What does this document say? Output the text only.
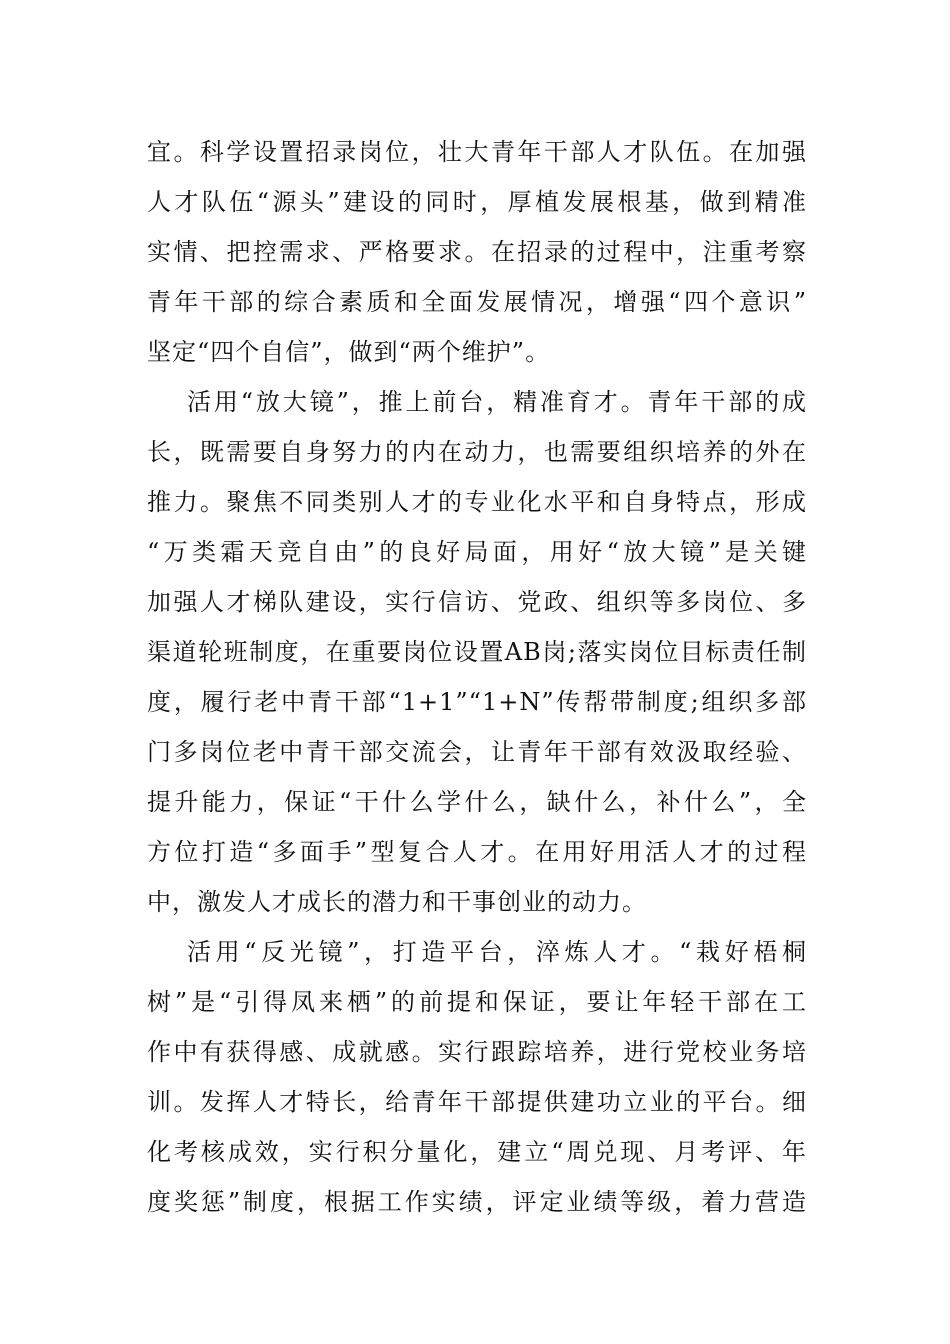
宜。科学设置招录岗位，壮大青年干部人才队伍。在加强
人才队伍“源头”建设的同时，厚植发展根基，做到精准
实情、把控需求、严格要求。在招录的过程中，注重考察
青年干部的综合素质和全面发展情况，增强“四个意识”
坚定“四个自信”，做到“两个维护”。
活用“放大镜”，推上前台，精准育才。青年干部的成
长，既需要自身努力的内在动力，也需要组织培养的外在
推力。聚焦不同类别人才的专业化水平和自身特点，形成
“万类霜天竞自由”的良好局面，用好“放大镜”是关键
加强人才梯队建设，实行信访、党政、组织等多岗位、多
渠道轮班制度，在重要岗位设置AB岗;落实岗位目标责任制
度，履行老中青干部“1+1”“1+N”传帮带制度;组织多部
门多岗位老中青干部交流会，让青年干部有效汲取经验、
提升能力，保证“干什么学什么，缺什么，补什么”，全
方位打造“多面手”型复合人才。在用好用活人才的过程
中，激发人才成长的潜力和干事创业的动力。
活用“反光镜”，打造平台，淬炼人才。“栽好梧桐
树”是“引得凤来栖”的前提和保证，要让年轻干部在工
作中有获得感、成就感。实行跟踪培养，进行党校业务培
训。发挥人才特长，给青年干部提供建功立业的平台。细
化考核成效，实行积分量化，建立“周兑现、月考评、年
度奖惩”制度，根据工作实绩，评定业绩等级，着力营造
